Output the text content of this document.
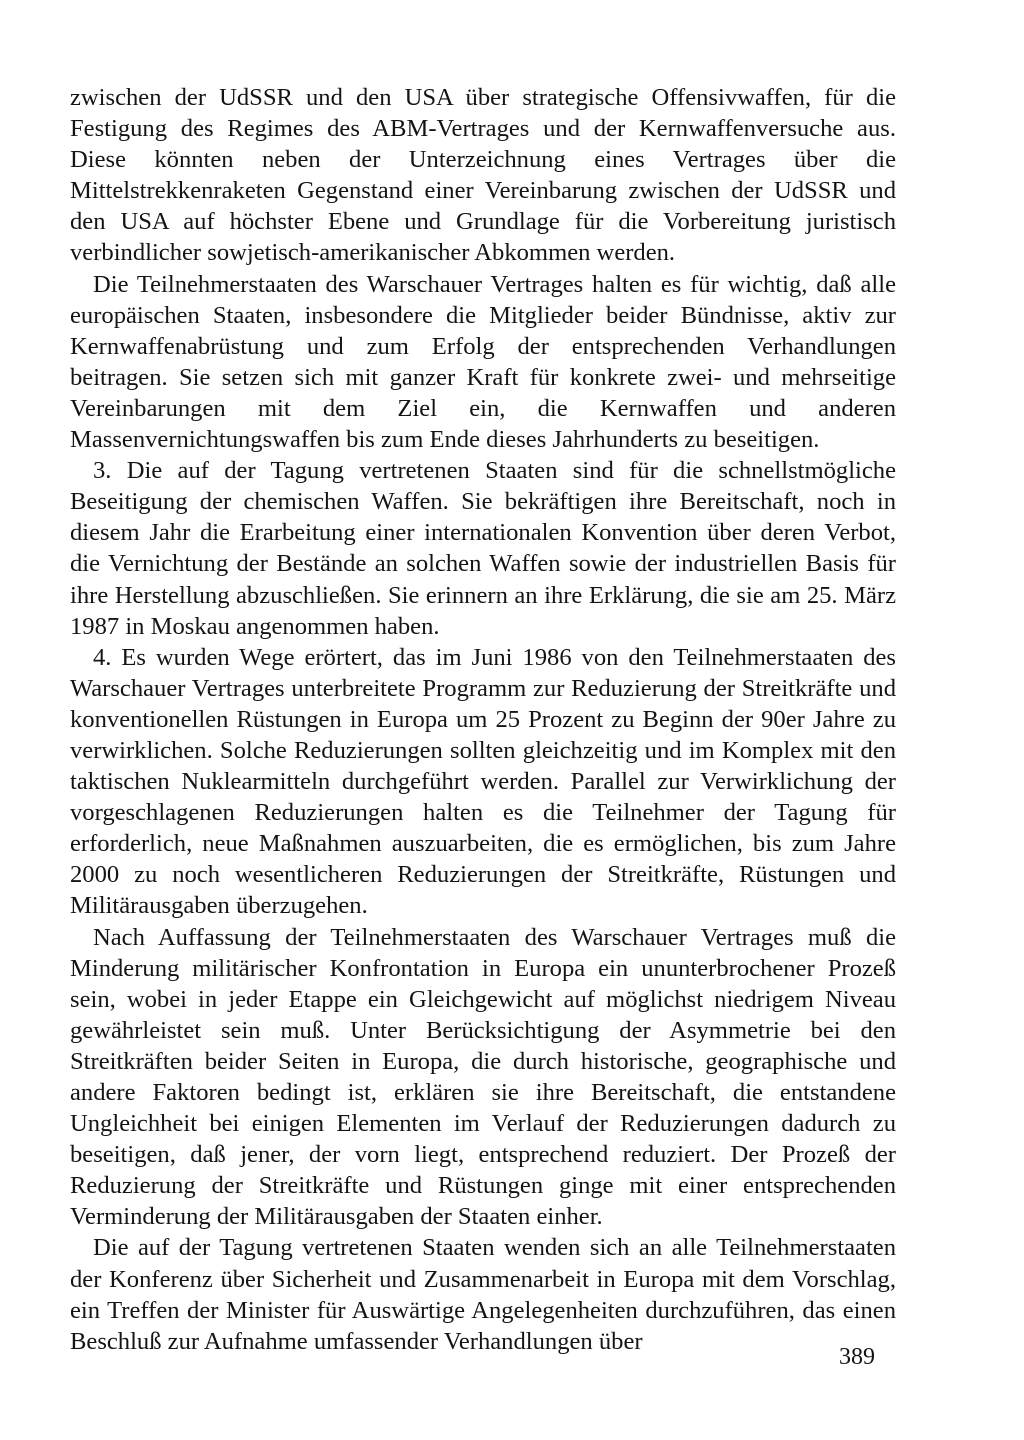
zwischen der UdSSR und den USA über strategische Offensivwaffen, für die Festigung des Regimes des ABM-Vertrages und der Kernwaffenversuche aus. Diese könnten neben der Unterzeichnung eines Vertrages über die Mittelstrekkenraketen Gegenstand einer Vereinbarung zwischen der UdSSR und den USA auf höchster Ebene und Grundlage für die Vorbereitung juristisch verbindlicher sowjetisch-amerikanischer Abkommen werden.

Die Teilnehmerstaaten des Warschauer Vertrages halten es für wichtig, daß alle europäischen Staaten, insbesondere die Mitglieder beider Bündnisse, aktiv zur Kernwaffenabrüstung und zum Erfolg der entsprechenden Verhandlungen beitragen. Sie setzen sich mit ganzer Kraft für konkrete zwei- und mehrseitige Vereinbarungen mit dem Ziel ein, die Kernwaffen und anderen Massenvernichtungswaffen bis zum Ende dieses Jahrhunderts zu beseitigen.

3. Die auf der Tagung vertretenen Staaten sind für die schnellstmögliche Beseitigung der chemischen Waffen. Sie bekräftigen ihre Bereitschaft, noch in diesem Jahr die Erarbeitung einer internationalen Konvention über deren Verbot, die Vernichtung der Bestände an solchen Waffen sowie der industriellen Basis für ihre Herstellung abzuschließen. Sie erinnern an ihre Erklärung, die sie am 25. März 1987 in Moskau angenommen haben.

4. Es wurden Wege erörtert, das im Juni 1986 von den Teilnehmerstaaten des Warschauer Vertrages unterbreitete Programm zur Reduzierung der Streitkräfte und konventionellen Rüstungen in Europa um 25 Prozent zu Beginn der 90er Jahre zu verwirklichen. Solche Reduzierungen sollten gleichzeitig und im Komplex mit den taktischen Nuklearmitteln durchgeführt werden. Parallel zur Verwirklichung der vorgeschlagenen Reduzierungen halten es die Teilnehmer der Tagung für erforderlich, neue Maßnahmen auszuarbeiten, die es ermöglichen, bis zum Jahre 2000 zu noch wesentlicheren Reduzierungen der Streitkräfte, Rüstungen und Militärausgaben überzugehen.

Nach Auffassung der Teilnehmerstaaten des Warschauer Vertrages muß die Minderung militärischer Konfrontation in Europa ein ununterbrochener Prozeß sein, wobei in jeder Etappe ein Gleichgewicht auf möglichst niedrigem Niveau gewährleistet sein muß. Unter Berücksichtigung der Asymmetrie bei den Streitkräften beider Seiten in Europa, die durch historische, geographische und andere Faktoren bedingt ist, erklären sie ihre Bereitschaft, die entstandene Ungleichheit bei einigen Elementen im Verlauf der Reduzierungen dadurch zu beseitigen, daß jener, der vorn liegt, entsprechend reduziert. Der Prozeß der Reduzierung der Streitkräfte und Rüstungen ginge mit einer entsprechenden Verminderung der Militärausgaben der Staaten einher.

Die auf der Tagung vertretenen Staaten wenden sich an alle Teilnehmerstaaten der Konferenz über Sicherheit und Zusammenarbeit in Europa mit dem Vorschlag, ein Treffen der Minister für Auswärtige Angelegenheiten durchzuführen, das einen Beschluß zur Aufnahme umfassender Verhandlungen über

389
